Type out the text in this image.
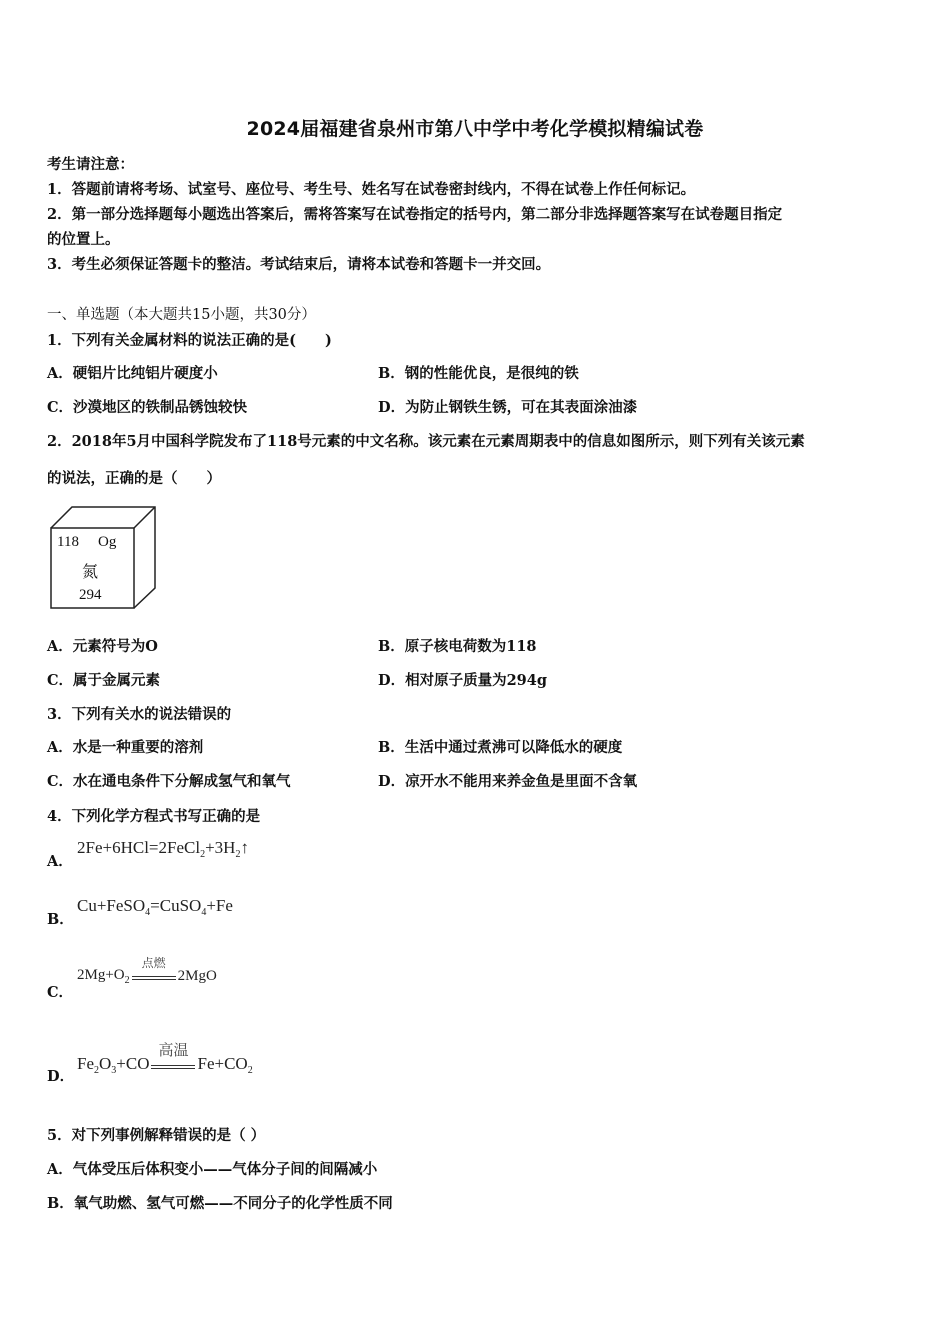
2024届福建省泉州市第八中学中考化学模拟精编试卷
考生请注意：
1．答题前请将考场、试室号、座位号、考生号、姓名写在试卷密封线内，不得在试卷上作任何标记。
2．第一部分选择题每小题选出答案后，需将答案写在试卷指定的括号内，第二部分非选择题答案写在试卷题目指定
的位置上。
3．考生必须保证答题卡的整洁。考试结束后，请将本试卷和答题卡一并交回。
一、单选题（本大题共15小题，共30分）
1．下列有关金属材料的说法正确的是(　　)
A．硬铝片比纯铝片硬度小	B．钢的性能优良，是很纯的铁
C．沙漠地区的铁制品锈蚀较快	D．为防止钢铁生锈，可在其表面涂油漆
2．2018年5月中国科学院发布了118号元素的中文名称。该元素在元素周期表中的信息如图所示，则下列有关该元素
的说法，正确的是（　　）
118 Og
氮
294
A．元素符号为O	B．原子核电荷数为118
C．属于金属元素	D．相对原子质量为294g
3．下列有关水的说法错误的
A．水是一种重要的溶剂	B．生活中通过煮沸可以降低水的硬度
C．水在通电条件下分解成氢气和氧气	D．凉开水不能用来养金鱼是里面不含氧
4．下列化学方程式书写正确的是
A．
$2Fe+6HCl=2FeCl_2+3H_2↑$
B．
Cu+FeSO$_4$=CuSO$_4$+Fe
C．
$2Mg+O_2$
点燃
2MgO
D．
$Fe_2O_3+CO$
高温
$Fe+CO_2$
5．对下列事例解释错误的是（ ）
A．气体受压后体积变小——气体分子间的间隔减小
B．氧气助燃、氢气可燃——不同分子的化学性质不同
